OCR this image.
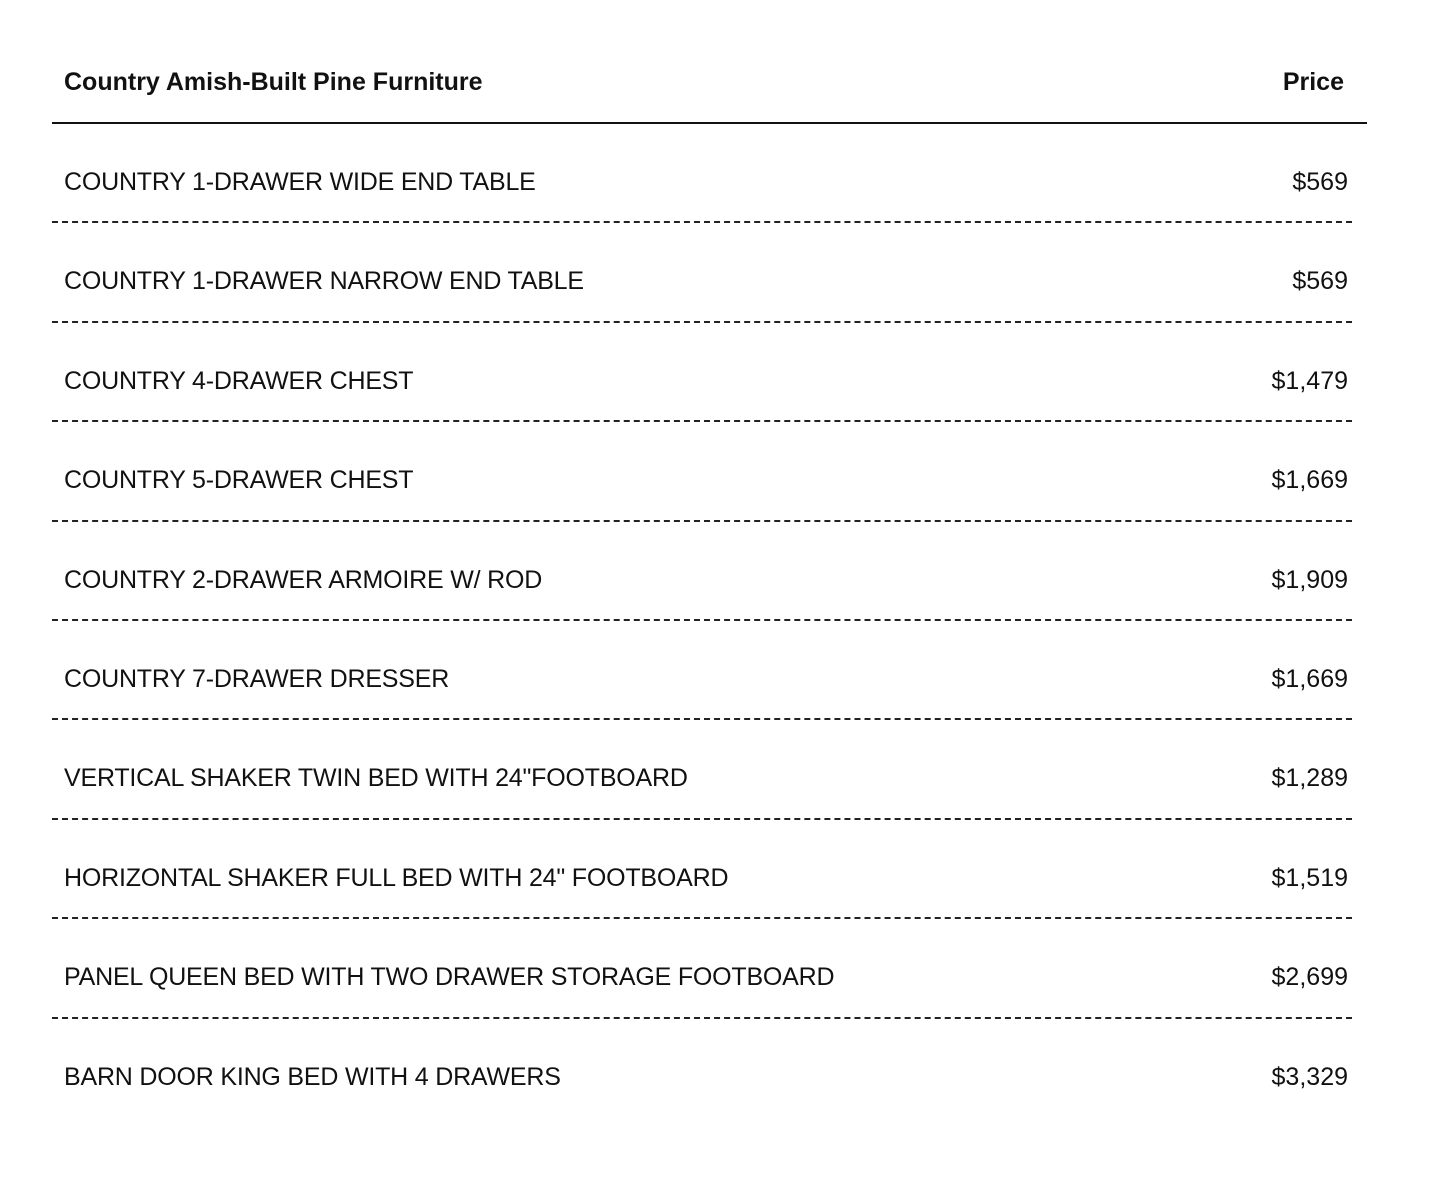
Country Amish-Built Pine Furniture	Price
COUNTRY 1-DRAWER WIDE END TABLE	$569
COUNTRY 1-DRAWER NARROW END TABLE	$569
COUNTRY 4-DRAWER CHEST	$1,479
COUNTRY 5-DRAWER CHEST	$1,669
COUNTRY 2-DRAWER ARMOIRE W/ ROD	$1,909
COUNTRY 7-DRAWER DRESSER	$1,669
VERTICAL SHAKER TWIN BED WITH 24"FOOTBOARD	$1,289
HORIZONTAL SHAKER FULL BED WITH 24" FOOTBOARD	$1,519
PANEL QUEEN BED WITH TWO DRAWER STORAGE FOOTBOARD	$2,699
BARN DOOR KING BED WITH 4 DRAWERS	$3,329
